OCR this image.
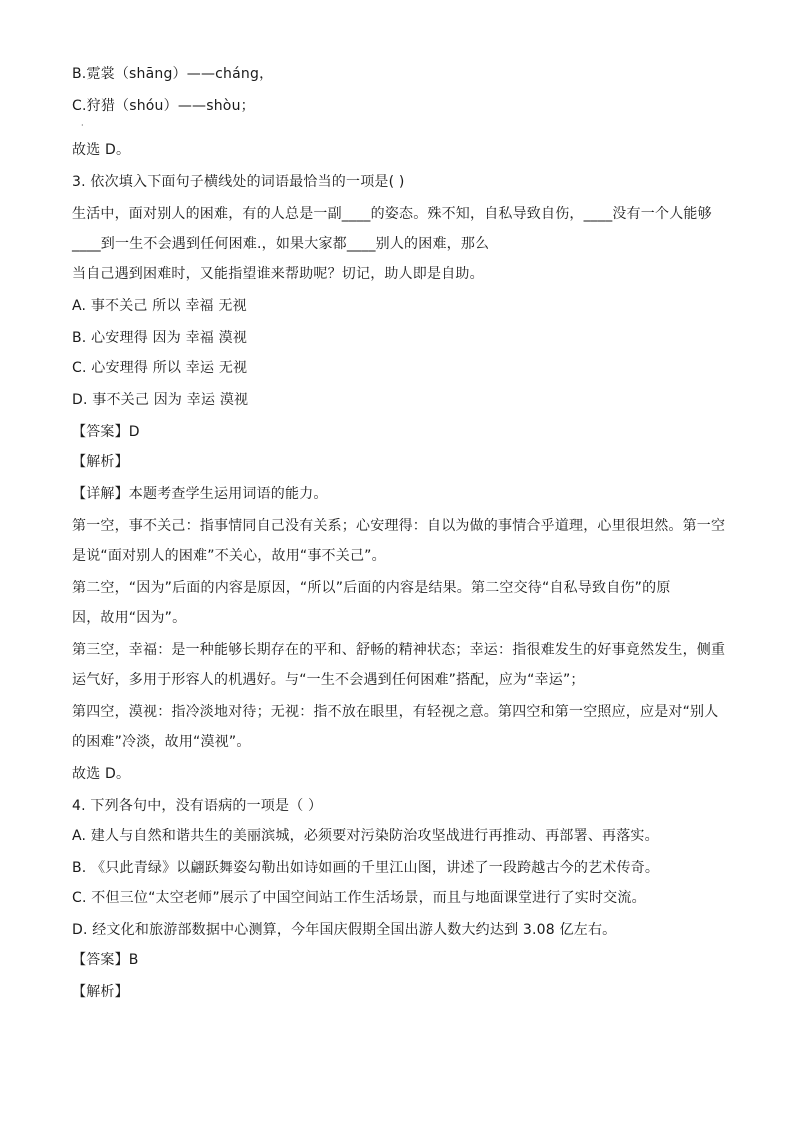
B.霓裳（shāng）——cháng，
C.狩猎（shóu）——shòu；
·
故选 D。
3. 依次填入下面句子横线处的词语最恰当的一项是( )
生活中，面对别人的困难，有的人总是一副____的姿态。殊不知，自私导致自伤，____没有一个人能够
____到一生不会遇到任何困难.，如果大家都____别人的困难，那么
当自己遇到困难时，又能指望谁来帮助呢？切记，助人即是自助。
A. 事不关己 所以 幸福 无视
B. 心安理得 因为 幸福 漠视
C. 心安理得 所以 幸运 无视
D. 事不关己 因为 幸运 漠视
【答案】D
【解析】
【详解】本题考查学生运用词语的能力。
第一空，事不关己：指事情同自己没有关系；心安理得：自以为做的事情合乎道理，心里很坦然。第一空
是说“面对别人的困难”不关心，故用“事不关己”。
第二空，“因为”后面的内容是原因，“所以”后面的内容是结果。第二空交待“自私导致自伤”的原
因，故用“因为”。
第三空，幸福：是一种能够长期存在的平和、舒畅的精神状态；幸运：指很难发生的好事竟然发生，侧重
运气好，多用于形容人的机遇好。与“一生不会遇到任何困难”搭配，应为“幸运”；
第四空，漠视：指冷淡地对待；无视：指不放在眼里，有轻视之意。第四空和第一空照应，应是对“别人
的困难”冷淡，故用“漠视”。
故选 D。
4. 下列各句中，没有语病的一项是（ ）
A. 建人与自然和谐共生的美丽滨城，必须要对污染防治攻坚战进行再推动、再部署、再落实。
B. 《只此青绿》以翩跃舞姿勾勒出如诗如画的千里江山图，讲述了一段跨越古今的艺术传奇。
C. 不但三位“太空老师”展示了中国空间站工作生活场景，而且与地面课堂进行了实时交流。
D. 经文化和旅游部数据中心测算，今年国庆假期全国出游人数大约达到 3.08 亿左右。
【答案】B
【解析】
